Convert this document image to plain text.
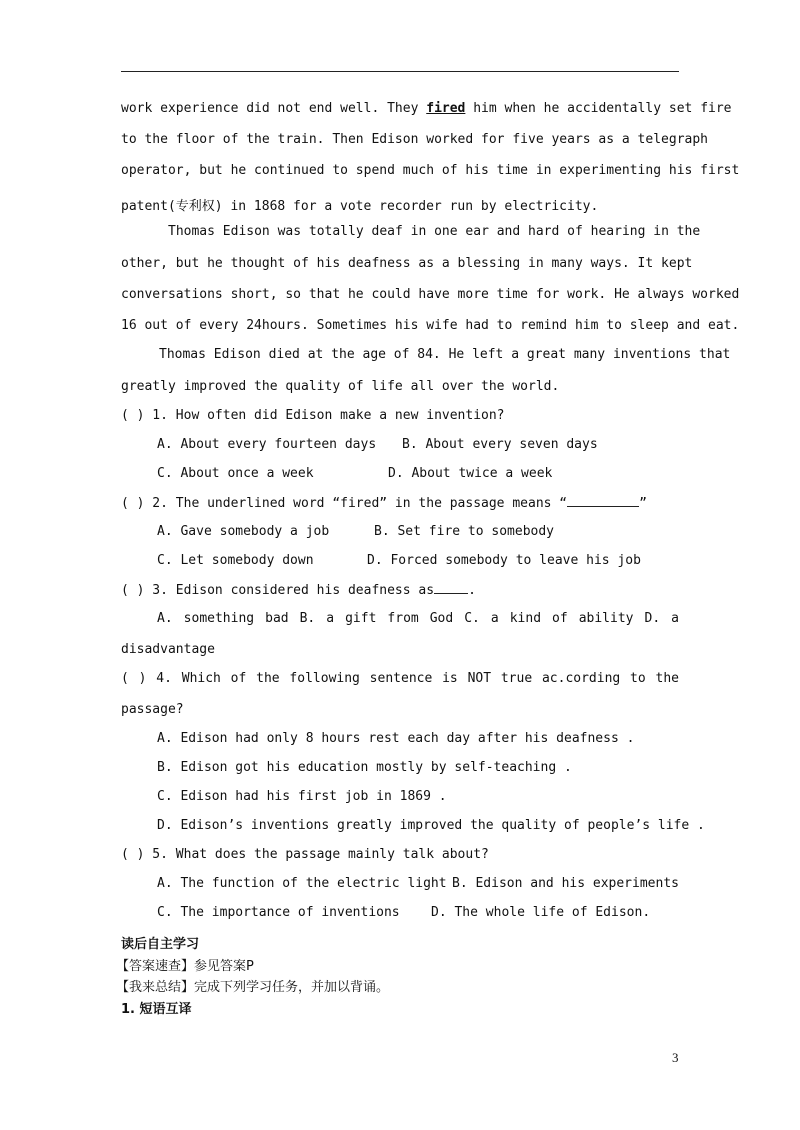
work experience did not end well. They fired him when he accidentally set fire
to the floor of the train. Then Edison worked for five years as a telegraph
operator, but he continued to spend much of his time in experimenting his first
patent(专利权) in 1868 for a vote recorder run by electricity.
Thomas Edison was totally deaf in one ear and hard of hearing in the
other, but he thought of his deafness as a blessing in many ways. It kept
conversations short, so that he could have more time for work. He always worked
16 out of every 24hours. Sometimes his wife had to remind him to sleep and eat.
Thomas Edison died at the age of 84. He left a great many inventions that
greatly improved the quality of life all over the world.
( ) 1. How often did Edison make a new invention?
A. About every fourteen days B. About every seven days
C. About once a week	D. About twice a week
( ) 2. The underlined word “fired” in the passage means “	”
A. Gave somebody a job	B. Set fire to somebody
C. Let somebody down	D. Forced somebody to leave his job
( ) 3. Edison considered his deafness as	.
A. something bad B. a gift from God C. a kind of ability D. a
disadvantage
( ) 4. Which of the following sentence is NOT true ac.cording to the
passage?
A. Edison had only 8 hours rest each day after his deafness .
B. Edison got his education mostly by self-teaching .
C. Edison had his first job in 1869 .
D. Edison’s inventions greatly improved the quality of people’s life .
( ) 5. What does the passage mainly talk about?
A. The function of the electric light B. Edison and his experiments
C. The importance of inventions D. The whole life of Edison.
读后自主学习
【答案速查】参见答案P
【我来总结】完成下列学习任务，并加以背诵。
1. 短语互译
3
